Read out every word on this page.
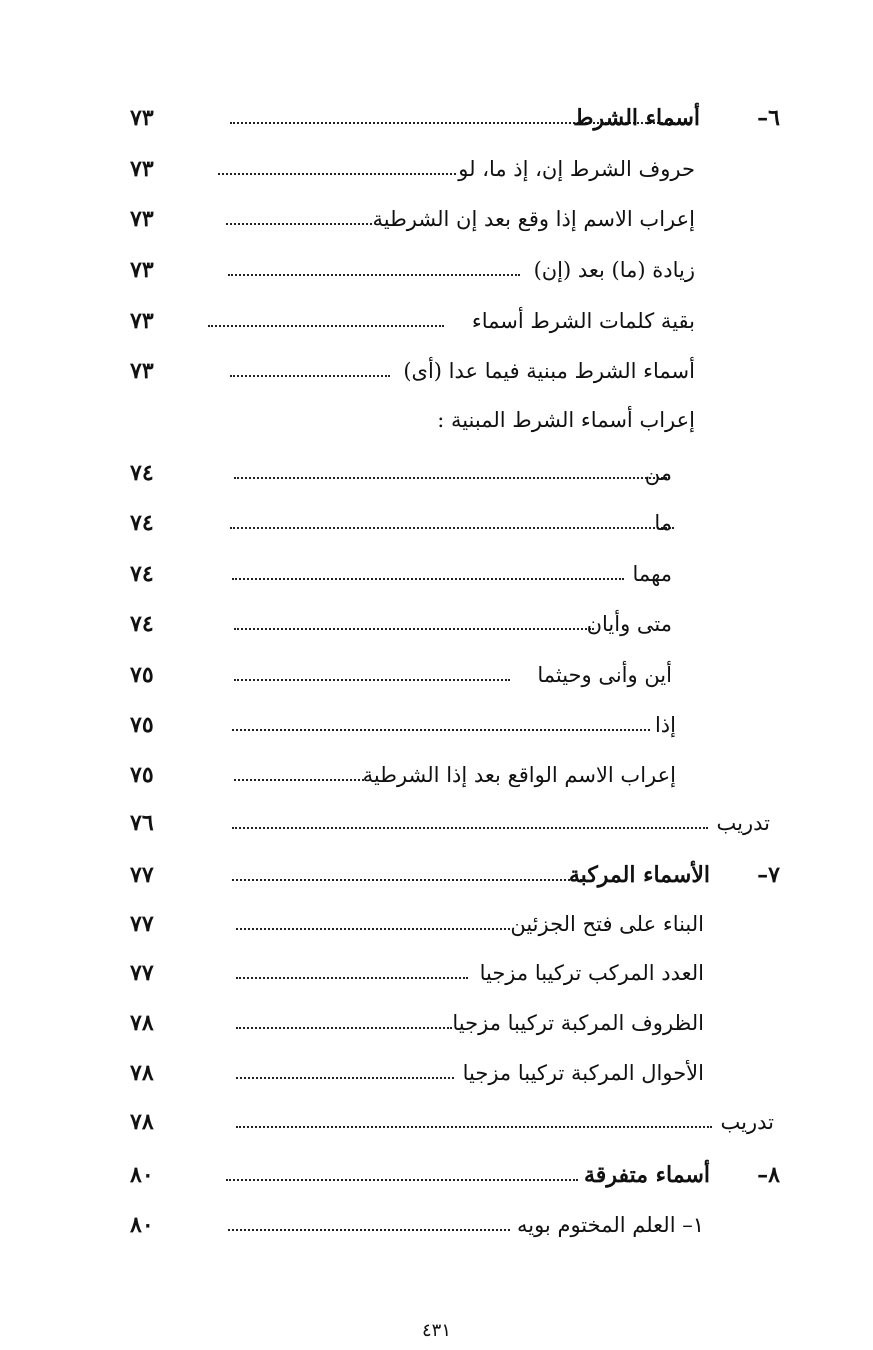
٧٣	أسماء الشرط	٦–
٧٣	حروف الشرط إن، إذ ما، لو
٧٣	إعراب الاسم إذا وقع بعد إن الشرطية
٧٣	زيادة (ما) بعد (إن)
٧٣	بقية كلمات الشرط أسماء
٧٣	أسماء الشرط مبنية فيما عدا (أى)
إعراب أسماء الشرط المبنية :
٧٤	من
٧٤	ما
٧٤	مهما
٧٤	متى وأيان
٧٥	أين وأنى وحيثما
٧٥	إذا
٧٥	إعراب الاسم الواقع بعد إذا الشرطية
٧٦	تدريب
٧٧	الأسماء المركبة ٧–
٧٧	البناء على فتح الجزئين
٧٧	العدد المركب تركيبا مزجيا
٧٨	الظروف المركبة تركيبا مزجيا
٧٨	الأحوال المركبة تركيبا مزجيا
٧٨	تدريب
٨٠	أسماء متفرقة ٨–
٨٠	١– العلم المختوم بويه
٤٣١
